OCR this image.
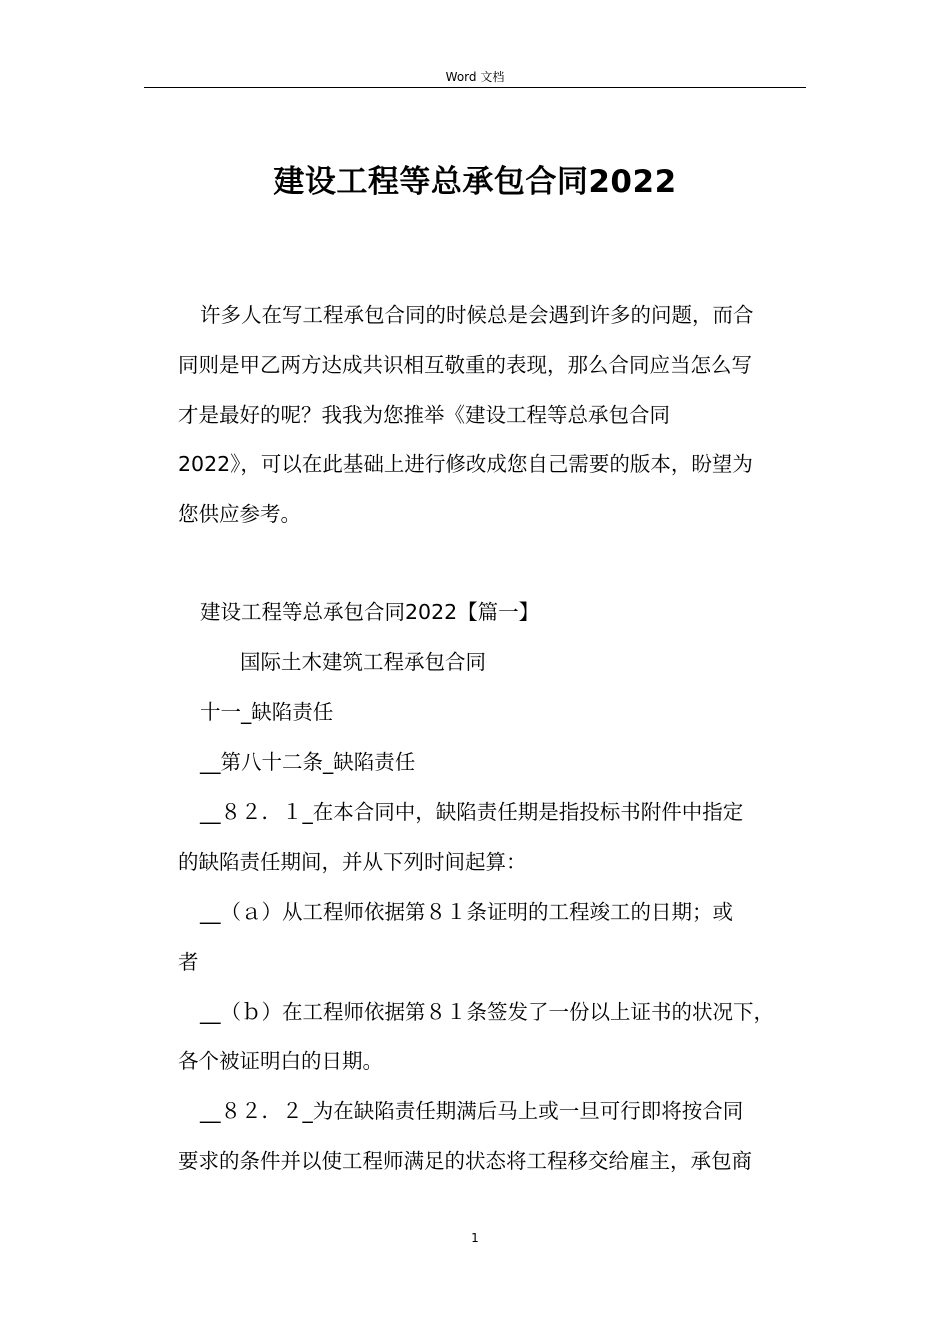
Word 文档
建设工程等总承包合同2022
许多人在写工程承包合同的时候总是会遇到许多的问题，而合
同则是甲乙两方达成共识相互敬重的表现，那么合同应当怎么写
才是最好的呢？我我为您推举《建设工程等总承包合同
2022》，可以在此基础上进行修改成您自己需要的版本，盼望为
您供应参考。
建设工程等总承包合同2022【篇一】
国际土木建筑工程承包合同
十一_缺陷责任
__第八十二条_缺陷责任
__８２．１_在本合同中，缺陷责任期是指投标书附件中指定
的缺陷责任期间，并从下列时间起算：
__（ａ）从工程师依据第８１条证明的工程竣工的日期；或
者
__（ｂ）在工程师依据第８１条签发了一份以上证书的状况下，
各个被证明白的日期。
__８２．２_为在缺陷责任期满后马上或一旦可行即将按合同
要求的条件并以使工程师满足的状态将工程移交给雇主，承包商
1
